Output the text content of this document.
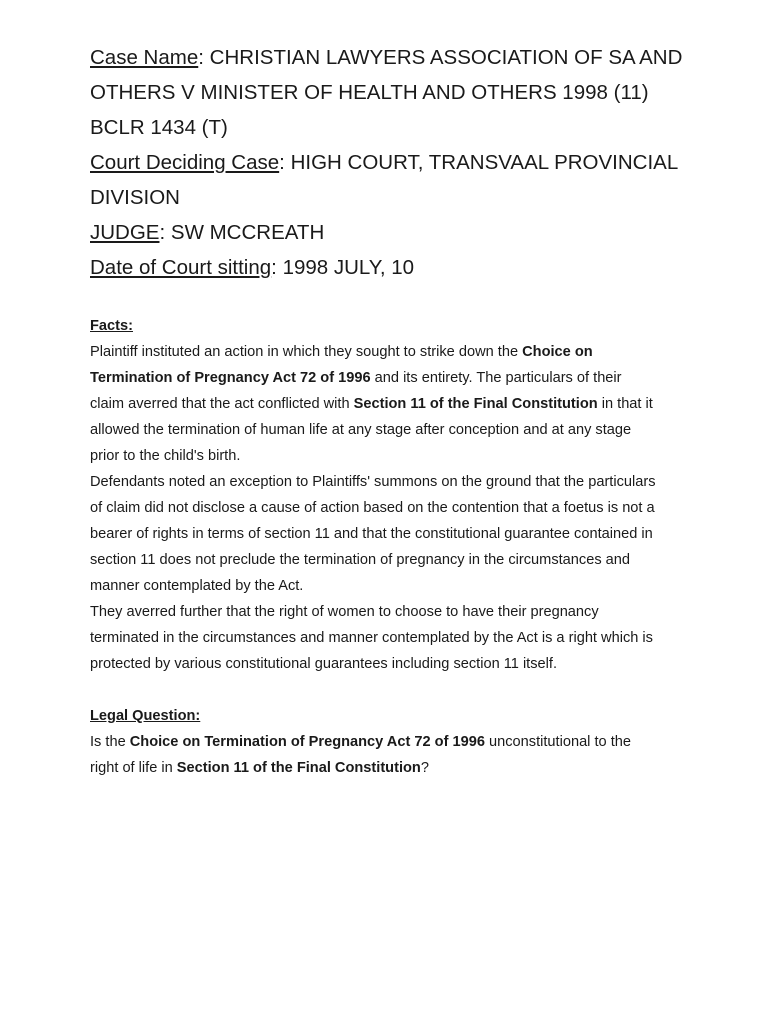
Case Name: CHRISTIAN LAWYERS ASSOCIATION OF SA AND
OTHERS V MINISTER OF HEALTH AND OTHERS 1998 (11)
BCLR 1434 (T)
Court Deciding Case: HIGH COURT, TRANSVAAL PROVINCIAL
DIVISION
JUDGE: SW MCCREATH
Date of Court sitting: 1998 JULY, 10
Facts:
Plaintiff instituted an action in which they sought to strike down the Choice on
Termination of Pregnancy Act 72 of 1996 and its entirety. The particulars of their
claim averred that the act conflicted with Section 11 of the Final Constitution in that it
allowed the termination of human life at any stage after conception and at any stage
prior to the child's birth.
Defendants noted an exception to Plaintiffs' summons on the ground that the particulars
of claim did not disclose a cause of action based on the contention that a foetus is not a
bearer of rights in terms of section 11 and that the constitutional guarantee contained in
section 11 does not preclude the termination of pregnancy in the circumstances and
manner contemplated by the Act.
They averred further that the right of women to choose to have their pregnancy
terminated in the circumstances and manner contemplated by the Act is a right which is
protected by various constitutional guarantees including section 11 itself.
Legal Question:
Is the Choice on Termination of Pregnancy Act 72 of 1996 unconstitutional to the
right of life in Section 11 of the Final Constitution?
